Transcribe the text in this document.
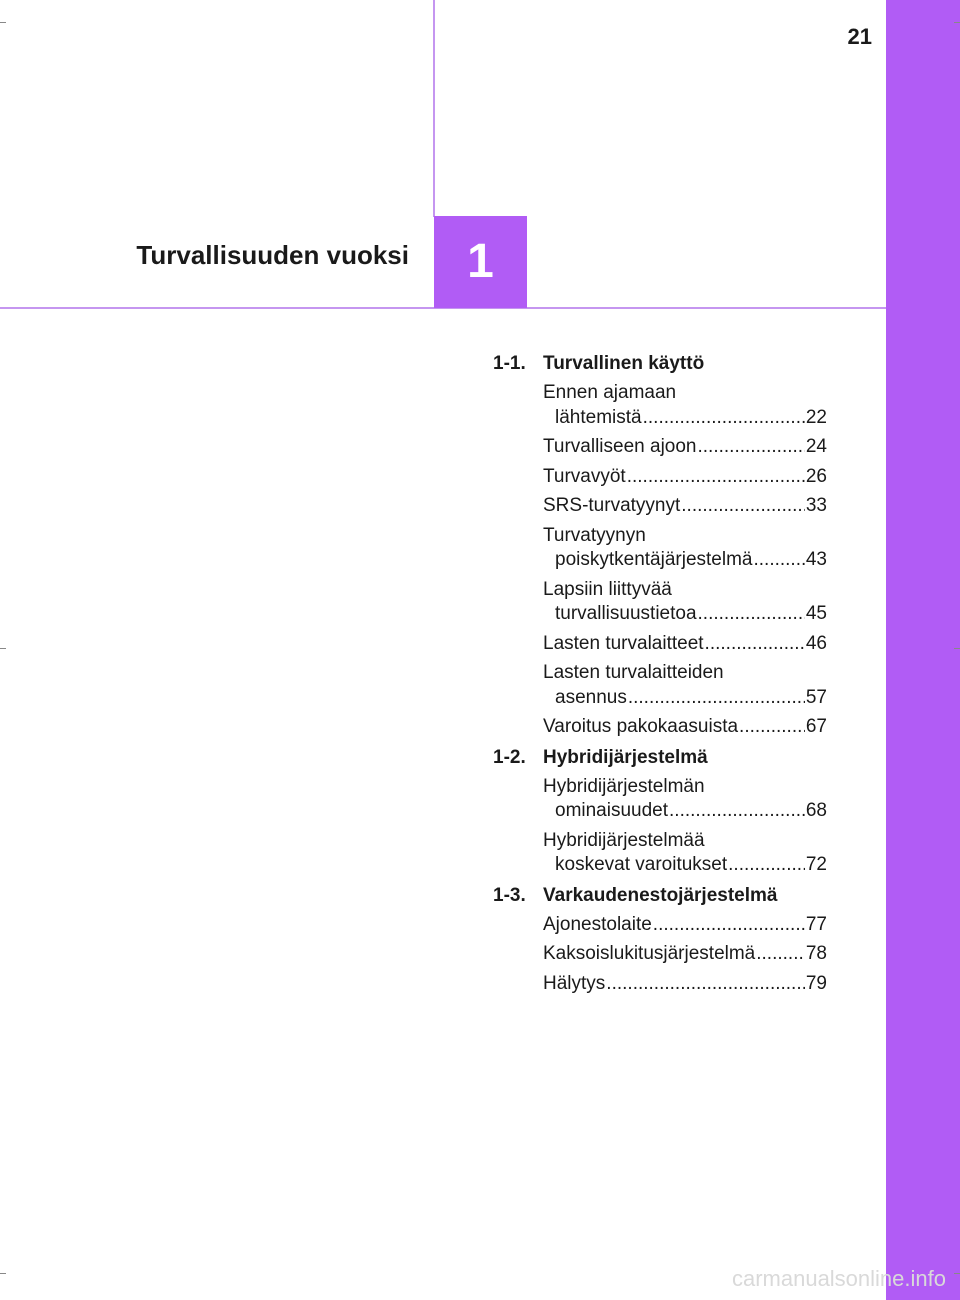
21
Turvallisuuden vuoksi	1
1-1. Turvallinen käyttö
Ennen ajamaan
lähtemistä .....	22
Turvalliseen ajoon .....	24
Turvavyöt .....	26
SRS-turvatyynyt .....	33
Turvatyynyn
poiskytkentäjärjestelmä .....	43
Lapsiin liittyvää
turvallisuustietoa .....	45
Lasten turvalaitteet .....	46
Lasten turvalaitteiden
asennus .....	57
Varoitus pakokaasuista .....	67
1-2. Hybridijärjestelmä
Hybridijärjestelmän
ominaisuudet .....	68
Hybridijärjestelmää
koskevat varoitukset .....	72
1-3. Varkaudenestojärjestelmä
Ajonestolaite .....	77
Kaksoislukitusjärjestelmä .....	78
Hälytys .....	79
carmanualsonline.info
